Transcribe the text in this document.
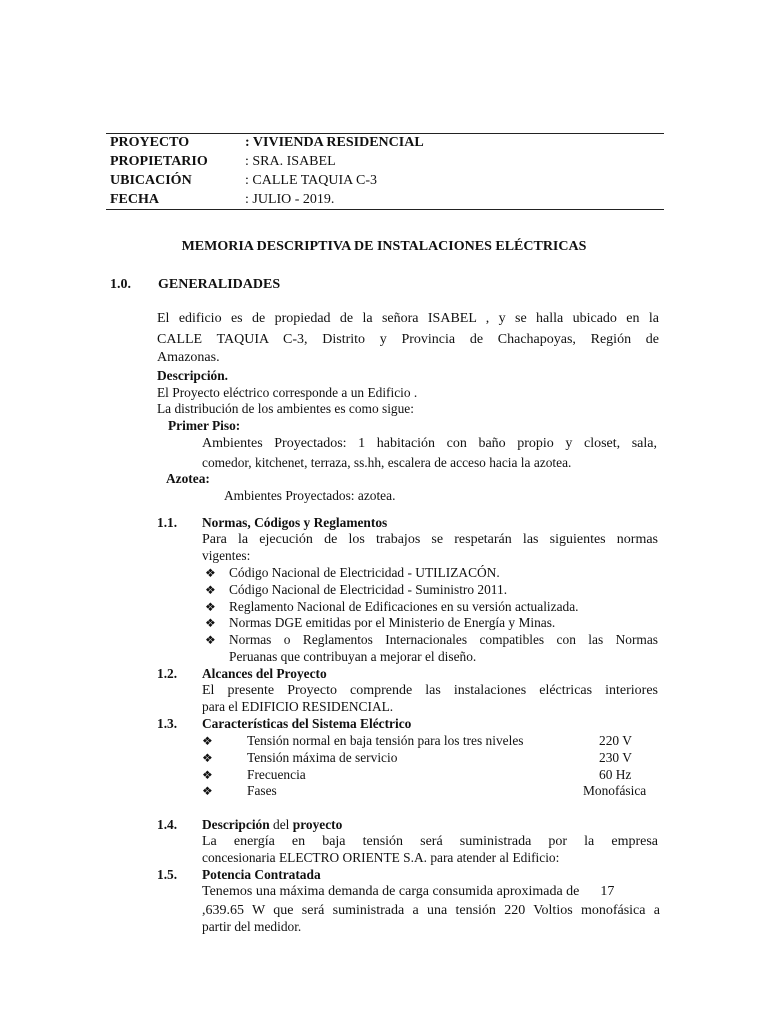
PROYECTO	: VIVIENDA RESIDENCIAL
PROPIETARIO	: SRA. ISABEL
UBICACIÓN	: CALLE TAQUIA C-3
FECHA	: JULIO - 2019.
MEMORIA DESCRIPTIVA DE INSTALACIONES ELÉCTRICAS
1.0. GENERALIDADES
El edificio es de propiedad de la señora ISABEL , y se halla ubicado en la
CALLE TAQUIA C-3, Distrito y Provincia de Chachapoyas, Región de
Amazonas.
Descripción.
El Proyecto eléctrico corresponde a un Edificio .
La distribución de los ambientes es como sigue:
Primer Piso:
Ambientes Proyectados: 1 habitación con baño propio y closet, sala,
comedor, kitchenet, terraza, ss.hh, escalera de acceso hacia la azotea.
Azotea:
Ambientes Proyectados: azotea.
1.1. Normas, Códigos y Reglamentos
Para la ejecución de los trabajos se respetarán las siguientes normas
vigentes:
❖ Código Nacional de Electricidad - UTILIZACÓN.
❖ Código Nacional de Electricidad - Suministro 2011.
❖ Reglamento Nacional de Edificaciones en su versión actualizada.
❖ Normas DGE emitidas por el Ministerio de Energía y Minas.
❖ Normas o Reglamentos Internacionales compatibles con las Normas
Peruanas que contribuyan a mejorar el diseño.
1.2. Alcances del Proyecto
El presente Proyecto comprende las instalaciones eléctricas interiores
para el EDIFICIO RESIDENCIAL.
1.3. Características del Sistema Eléctrico
❖	Tensión normal en baja tensión para los tres niveles	220 V
❖	Tensión máxima de servicio	230 V
❖	Frecuencia	60 Hz
❖	Fases	Monofásica
1.4. Descripción del proyecto
La energía en baja tensión será suministrada por la empresa
concesionaria ELECTRO ORIENTE S.A. para atender al Edificio:
1.5. Potencia Contratada
Tenemos una máxima demanda de carga consumida aproximada de      17
,639.65 W que será suministrada a una tensión 220 Voltios monofásica a
partir del medidor.
